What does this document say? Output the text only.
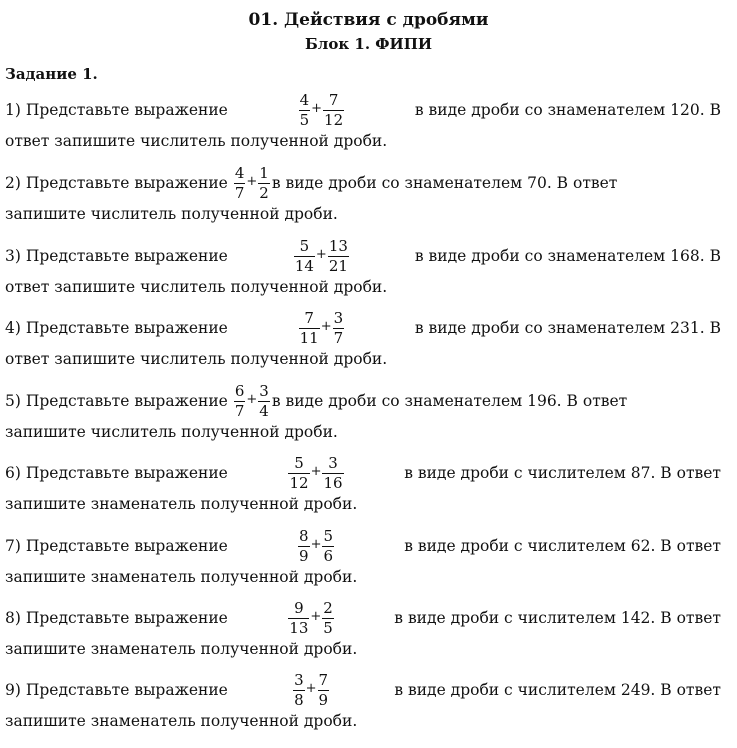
01. Действия с дробями
Блок 1. ФИПИ
Задание 1.
1) Представьте выражение	$\frac{4}{5} + \frac{7}{12}$	в виде дроби со знаменателем 120. В
ответ запишите числитель полученной дроби.
2) Представьте выражение $\frac{4}{7} + \frac{1}{2}$ в виде дроби со знаменателем 70. В ответ
запишите числитель полученной дроби.
3) Представьте выражение	$\frac{5}{14} + \frac{13}{21}$	в виде дроби со знаменателем 168. В
ответ запишите числитель полученной дроби.
4) Представьте выражение	$\frac{7}{11} + \frac{3}{7}$	в виде дроби со знаменателем 231. В
ответ запишите числитель полученной дроби.
5) Представьте выражение $\frac{6}{7} + \frac{3}{4}$ в виде дроби со знаменателем 196. В ответ
запишите числитель полученной дроби.
6) Представьте выражение	$\frac{5}{12} + \frac{3}{16}$	в виде дроби с числителем 87. В ответ
запишите знаменатель полученной дроби.
7) Представьте выражение	$\frac{8}{9} + \frac{5}{6}$	в виде дроби с числителем 62. В ответ
запишите знаменатель полученной дроби.
8) Представьте выражение	$\frac{9}{13} + \frac{2}{5}$	в виде дроби с числителем 142. В ответ
запишите знаменатель полученной дроби.
9) Представьте выражение	$\frac{3}{8} + \frac{7}{9}$	в виде дроби с числителем 249. В ответ
запишите знаменатель полученной дроби.
